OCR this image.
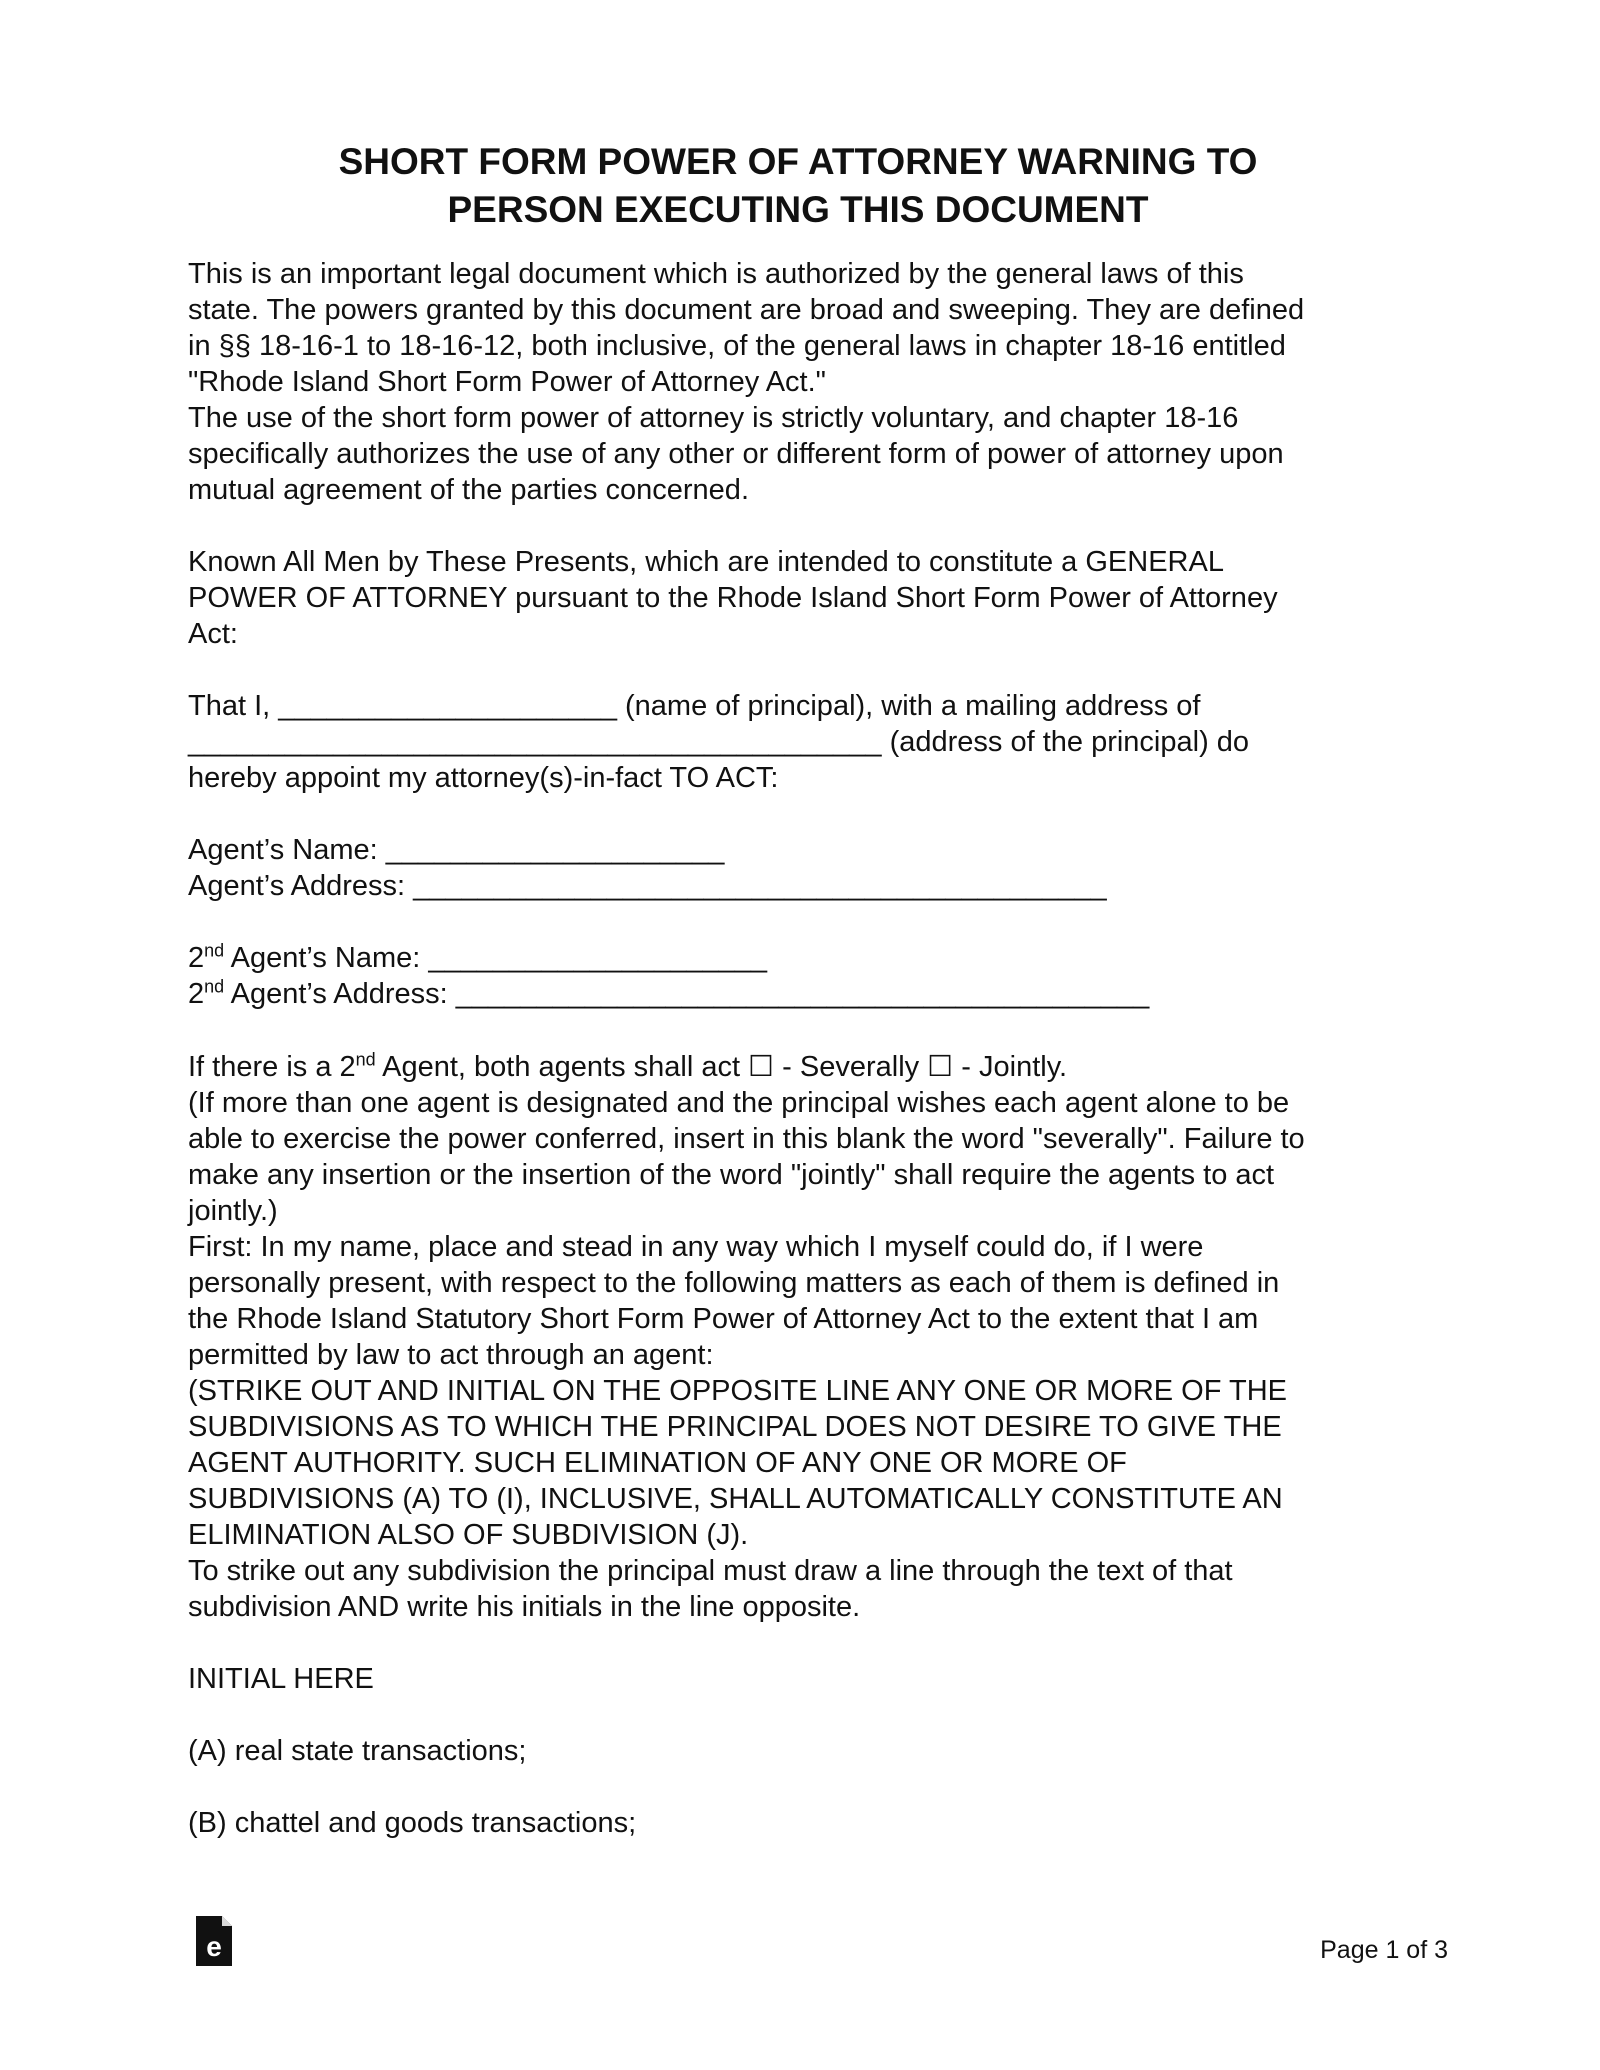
SHORT FORM POWER OF ATTORNEY WARNING TO
PERSON EXECUTING THIS DOCUMENT
This is an important legal document which is authorized by the general laws of this
state. The powers granted by this document are broad and sweeping. They are defined
in §§ 18-16-1 to 18-16-12, both inclusive, of the general laws in chapter 18-16 entitled
"Rhode Island Short Form Power of Attorney Act."
The use of the short form power of attorney is strictly voluntary, and chapter 18-16
specifically authorizes the use of any other or different form of power of attorney upon
mutual agreement of the parties concerned.
Known All Men by These Presents, which are intended to constitute a GENERAL
POWER OF ATTORNEY pursuant to the Rhode Island Short Form Power of Attorney
Act:
That I, _____________________ (name of principal), with a mailing address of
___________________________________________ (address of the principal) do
hereby appoint my attorney(s)-in-fact TO ACT:
Agent’s Name: _____________________
Agent’s Address: ___________________________________________
2nd Agent’s Name: _____________________
2nd Agent’s Address: ___________________________________________
If there is a 2nd Agent, both agents shall act ☐ - Severally ☐ - Jointly.
(If more than one agent is designated and the principal wishes each agent alone to be
able to exercise the power conferred, insert in this blank the word "severally". Failure to
make any insertion or the insertion of the word "jointly" shall require the agents to act
jointly.)
First: In my name, place and stead in any way which I myself could do, if I were
personally present, with respect to the following matters as each of them is defined in
the Rhode Island Statutory Short Form Power of Attorney Act to the extent that I am
permitted by law to act through an agent:
(STRIKE OUT AND INITIAL ON THE OPPOSITE LINE ANY ONE OR MORE OF THE
SUBDIVISIONS AS TO WHICH THE PRINCIPAL DOES NOT DESIRE TO GIVE THE
AGENT AUTHORITY. SUCH ELIMINATION OF ANY ONE OR MORE OF
SUBDIVISIONS (A) TO (I), INCLUSIVE, SHALL AUTOMATICALLY CONSTITUTE AN
ELIMINATION ALSO OF SUBDIVISION (J).
To strike out any subdivision the principal must draw a line through the text of that
subdivision AND write his initials in the line opposite.
INITIAL HERE
(A) real state transactions;
(B) chattel and goods transactions;
e	Page 1 of 3
